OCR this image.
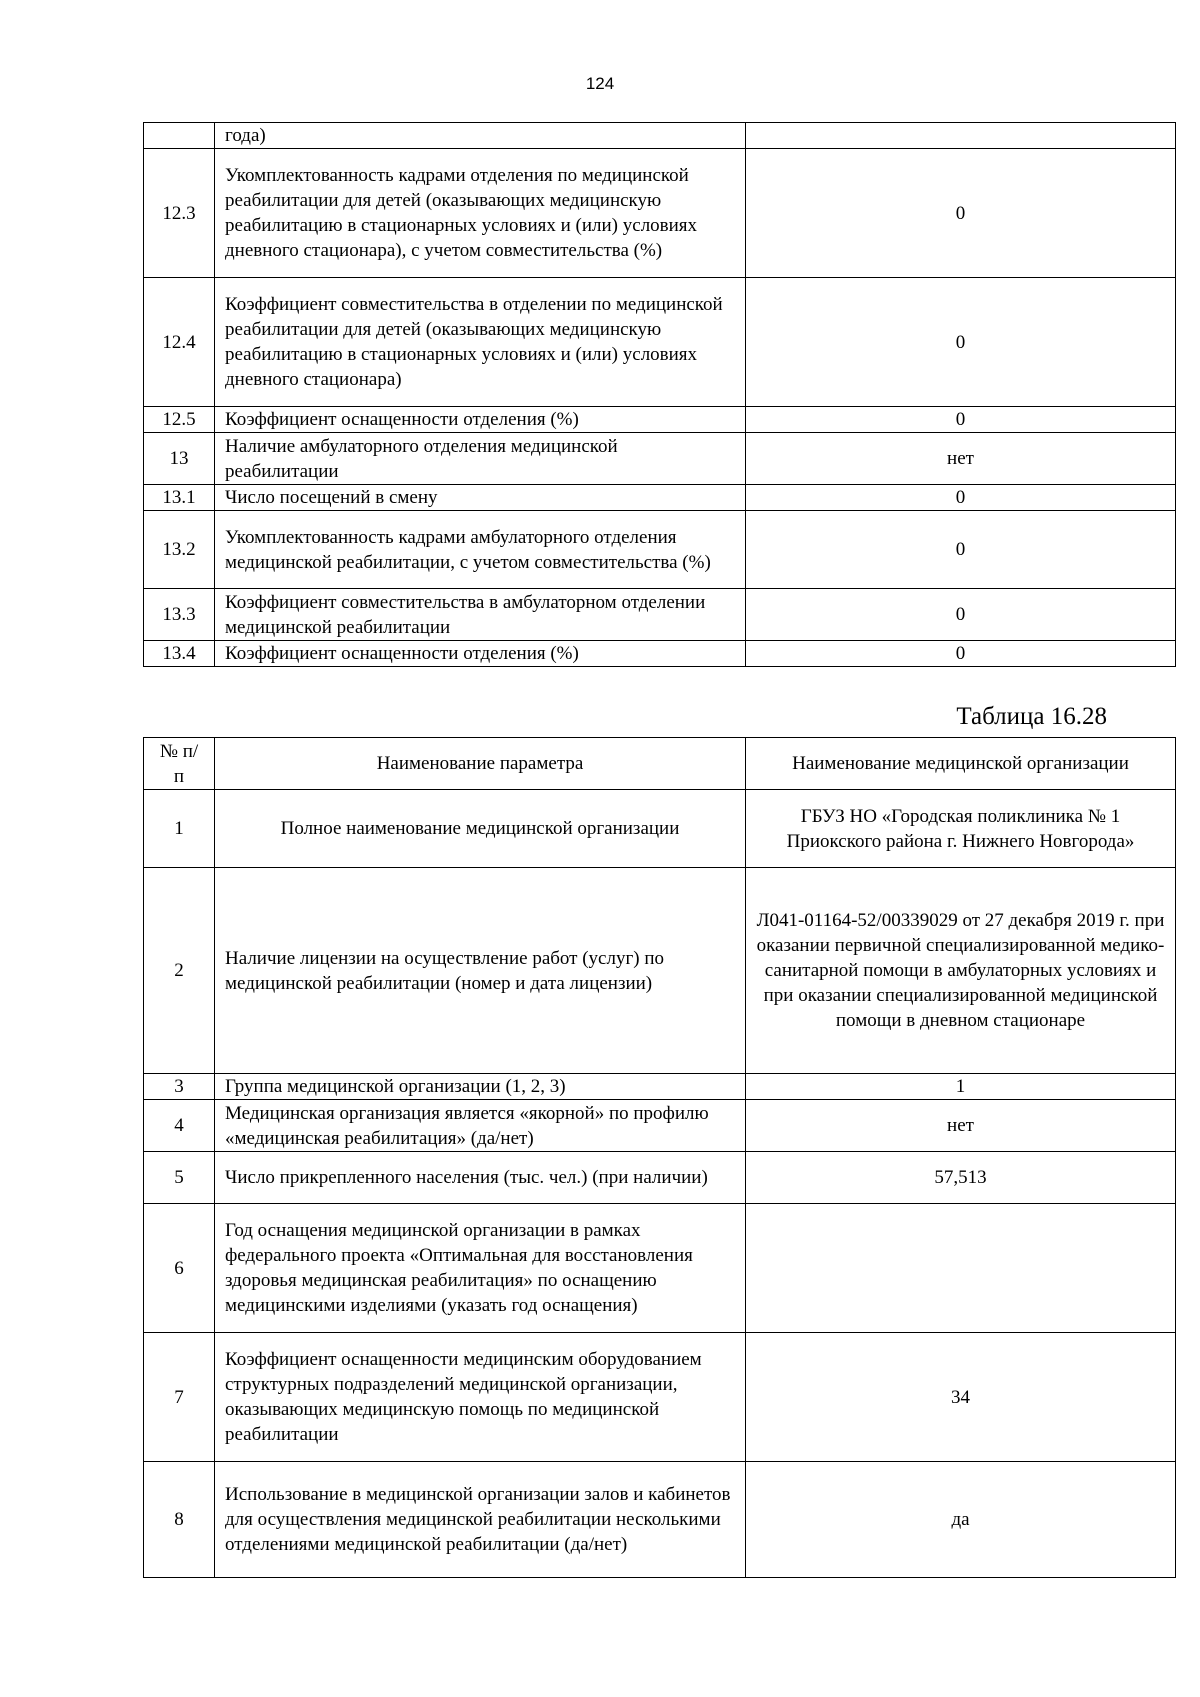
124
	года)	
12.3	Укомплектованность кадрами отделения по медицинской реабилитации для детей (оказывающих медицинскую реабилитацию в стационарных условиях и (или) условиях дневного стационара), с учетом совместительства (%)	0
12.4	Коэффициент совместительства в отделении по медицинской реабилитации для детей (оказывающих медицинскую реабилитацию в стационарных условиях и (или) условиях дневного стационара)	0
12.5	Коэффициент оснащенности отделения (%)	0
13	Наличие амбулаторного отделения медицинской реабилитации	нет
13.1	Число посещений в смену	0
13.2	Укомплектованность кадрами амбулаторного отделения медицинской реабилитации, с учетом совместительства (%)	0
13.3	Коэффициент совместительства в амбулаторном отделении медицинской реабилитации	0
13.4	Коэффициент оснащенности отделения (%)	0
Таблица 16.28
№ п/п	Наименование параметра	Наименование медицинской организации
1	Полное наименование медицинской организации	ГБУЗ НО «Городская поликлиника № 1 Приокского района г. Нижнего Новгорода»
2	Наличие лицензии на осуществление работ (услуг) по медицинской реабилитации (номер и дата лицензии)	Л041-01164-52/00339029 от 27 декабря 2019 г. при оказании первичной специализированной медико-санитарной помощи в амбулаторных условиях и при оказании специализированной медицинской помощи в дневном стационаре
3	Группа медицинской организации (1, 2, 3)	1
4	Медицинская организация является «якорной» по профилю «медицинская реабилитация» (да/нет)	нет
5	Число прикрепленного населения (тыс. чел.) (при наличии)	57,513
6	Год оснащения медицинской организации в рамках федерального проекта «Оптимальная для восстановления здоровья медицинская реабилитация» по оснащению медицинскими изделиями (указать год оснащения)	
7	Коэффициент оснащенности медицинским оборудованием структурных подразделений медицинской организации, оказывающих медицинскую помощь по медицинской реабилитации	34
8	Использование в медицинской организации залов и кабинетов для осуществления медицинской реабилитации несколькими отделениями медицинской реабилитации (да/нет)	да
